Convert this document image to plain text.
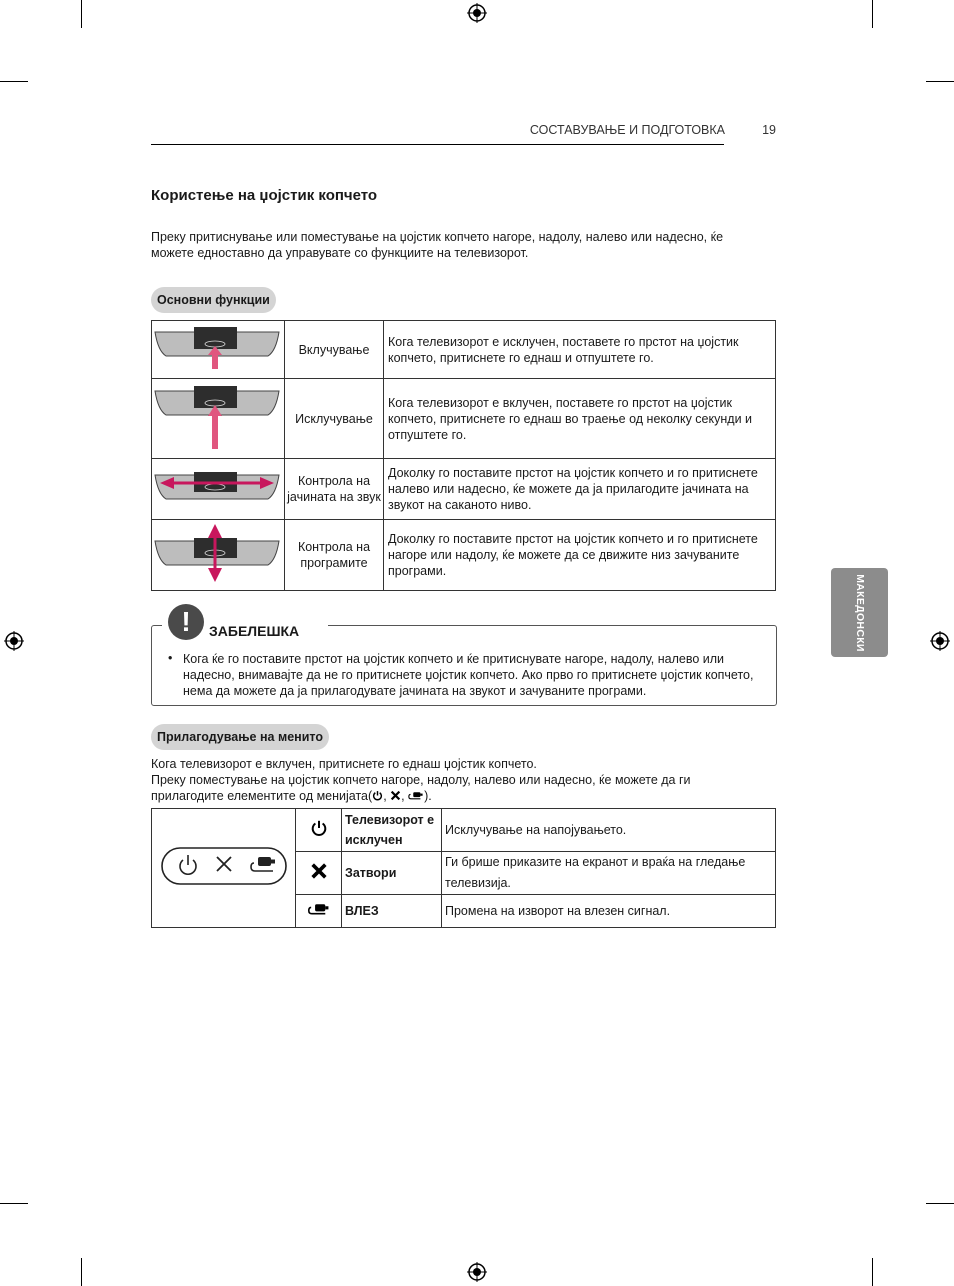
СОСТАВУВАЊЕ И ПОДГОТОВКА	19
МАКЕДОНСКИ
Користење на џојстик копчето
Преку притиснување или поместување на џојстик копчето нагоре, надолу, налево или надесно, ќе
можете едноставно да управувате со функциите на телевизорот.
Основни функции
	Вклучување	Кога телевизорот е исклучен, поставете го прстот на џојстик копчето, притиснете го еднаш и отпуштете го.
	Исклучување	Кога телевизорот е вклучен, поставете го прстот на џојстик копчето, притиснете го еднаш во траење од неколку секунди и отпуштете го.
	Контрола на јачината на звук	Доколку го поставите прстот на џојстик копчето и го притиснете налево или надесно, ќе можете да ја прилагодите јачината на звукот на саканото ниво.
	Контрола на програмите	Доколку го поставите прстот на џојстик копчето и го притиснете нагоре или надолу, ќе можете да се движите низ зачуваните програми.
!	ЗАБЕЛЕШКА
• Кога ќе го поставите прстот на џојстик копчето и ќе притиснувате нагоре, надолу, налево или надесно, внимавајте да не го притиснете џојстик копчето. Ако прво го притиснете џојстик копчето, нема да можете да ја прилагодувате јачината на звукот и зачуваните програми.
Прилагодување на менито
Кога телевизорот е вклучен, притиснете го еднаш џојстик копчето.
Преку поместување на џојстик копчето нагоре, надолу, налево или надесно, ќе можете да ги
прилагодите елементите од менијата( , , ).
		Телевизорот е исклучен	Исклучување на напојувањето.
	Затвори	Ги брише приказите на екранот и враќа на гледање телевизија.
	ВЛЕЗ	Промена на изворот на влезен сигнал.
